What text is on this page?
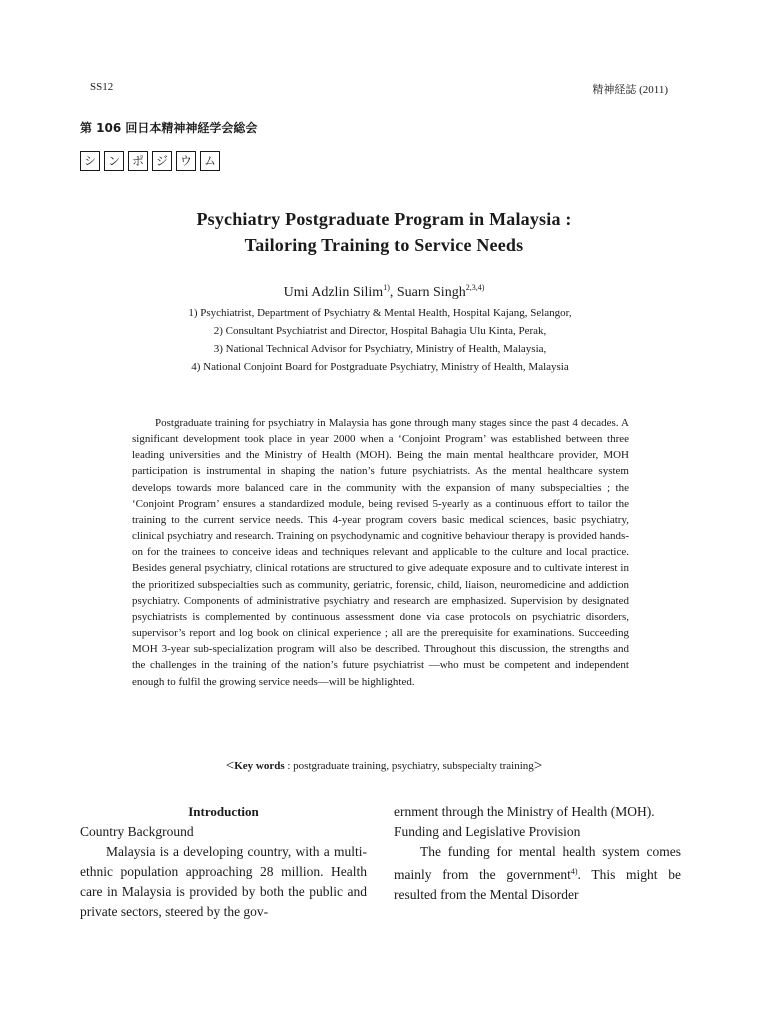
SS12	精神経誌 (2011)
第 106 回日本精神神経学会総会
シ ン ポ ジ ウ ム
Psychiatry Postgraduate Program in Malaysia :
Tailoring Training to Service Needs
Umi Adzlin Silim$^{1)}$, Suarn Singh$^{2,3,4)}$
1) Psychiatrist, Department of Psychiatry & Mental Health, Hospital Kajang, Selangor,
2) Consultant Psychiatrist and Director, Hospital Bahagia Ulu Kinta, Perak,
3) National Technical Advisor for Psychiatry, Ministry of Health, Malaysia,
4) National Conjoint Board for Postgraduate Psychiatry, Ministry of Health, Malaysia

Postgraduate training for psychiatry in Malaysia has gone through many stages since the past 4 decades. A significant development took place in year 2000 when a ‘Conjoint Program’ was established between three leading universities and the Ministry of Health (MOH). Being the main mental healthcare provider, MOH participation is instrumental in shaping the nation’s future psychiatrists. As the mental healthcare system develops towards more balanced care in the community with the expansion of many subspecialties ; the ‘Conjoint Program’ ensures a standardized module, being revised 5-yearly as a continuous effort to tailor the training to the current service needs. This 4-year program covers basic medical sciences, basic psychiatry, clinical psychiatry and research. Training on psychodynamic and cognitive behaviour therapy is provided hands-on for the trainees to conceive ideas and techniques relevant and applicable to the culture and local practice. Besides general psychiatry, clinical rotations are structured to give adequate exposure and to cultivate interest in the prioritized subspecialties such as community, geriatric, forensic, child, liaison, neuromedicine and addiction psychiatry. Components of administrative psychiatry and research are emphasized. Supervision by designated psychiatrists is complemented by continuous assessment done via case protocols on psychiatric disorders, supervisor’s report and log book on clinical experience ; all are the prerequisite for examinations. Succeeding MOH 3-year sub-specialization program will also be described. Throughout this discussion, the strengths and the challenges in the training of the nation’s future psychiatrist —who must be competent and independent enough to fulfil the growing service needs—will be highlighted.

<Key words : postgraduate training, psychiatry, subspecialty training>
Introduction
Country Background

Malaysia is a developing country, with a multi-ethnic population approaching 28 million. Health care in Malaysia is provided by both the public and private sectors, steered by the gov-

ernment through the Ministry of Health (MOH).

Funding and Legislative Provision

The funding for mental health system comes mainly from the government$^{4)}$. This might be resulted from the Mental Disorder
